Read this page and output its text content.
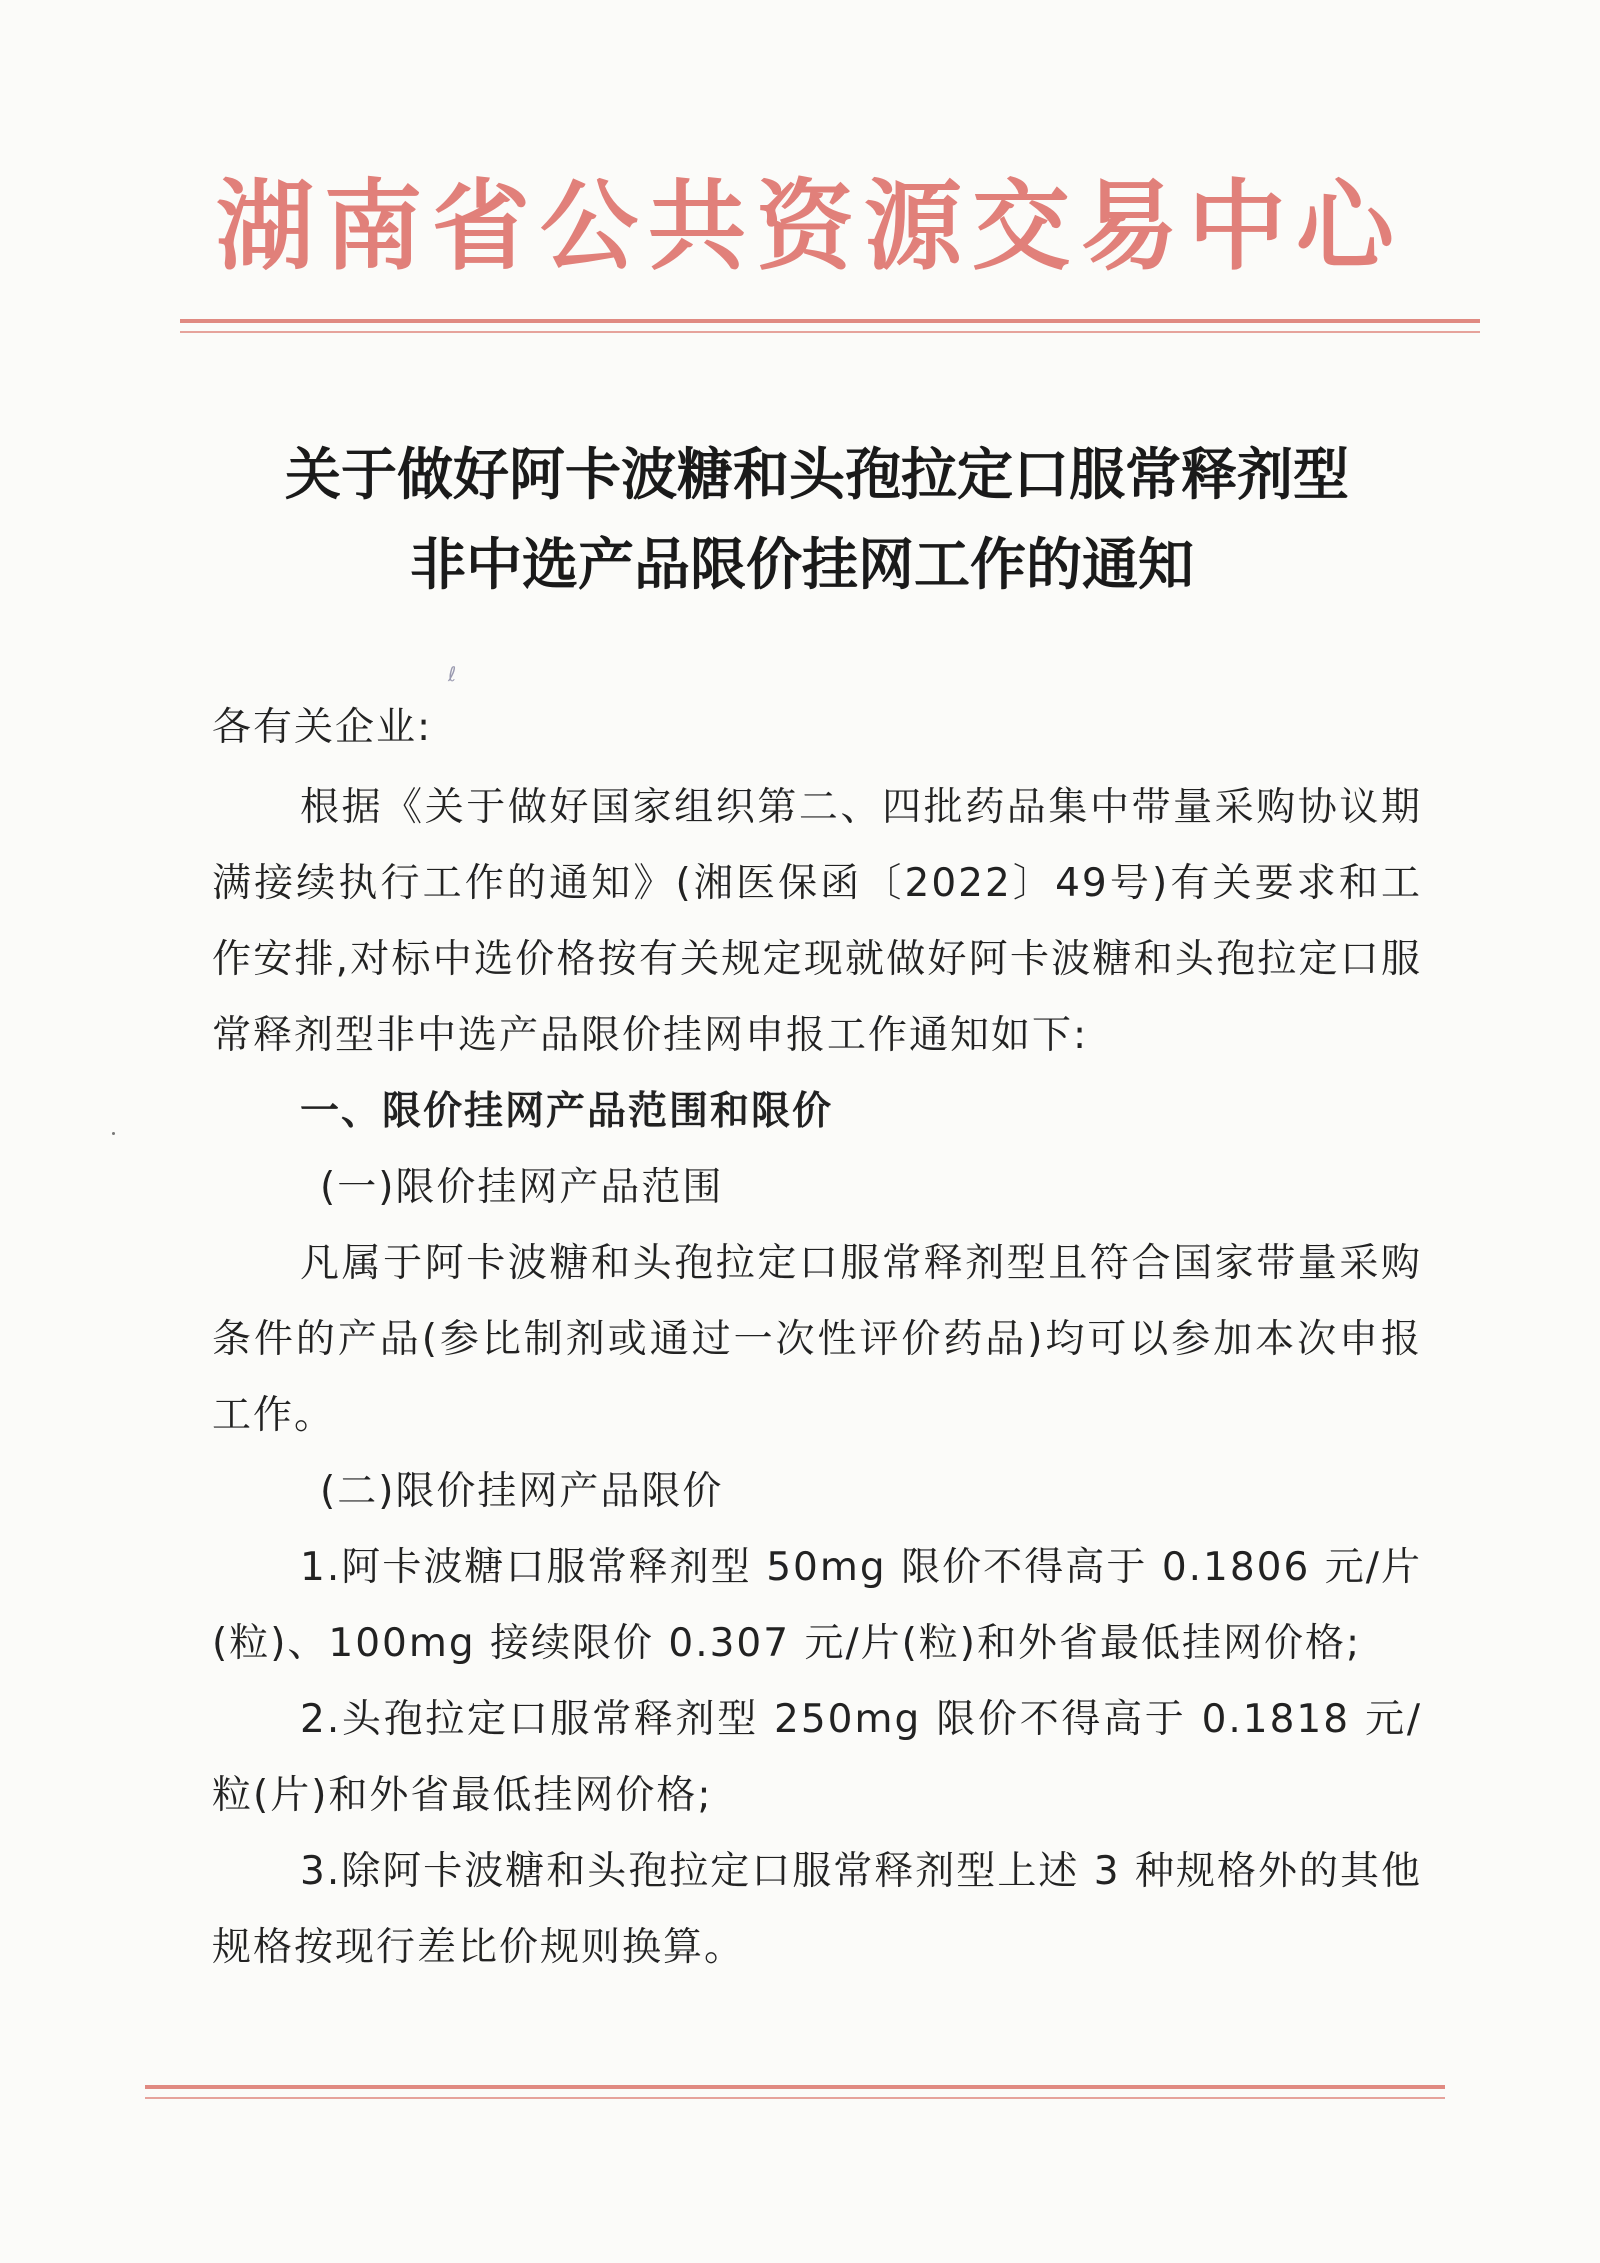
湖南省公共资源交易中心
关于做好阿卡波糖和头孢拉定口服常释剂型
非中选产品限价挂网工作的通知
ℓ

各有关企业:

根据《关于做好国家组织第二、四批药品集中带量采购协议期满接续执行工作的通知》(湘医保函〔2022〕49号)有关要求和工作安排,对标中选价格按有关规定现就做好阿卡波糖和头孢拉定口服常释剂型非中选产品限价挂网申报工作通知如下:

一、限价挂网产品范围和限价

(一)限价挂网产品范围

凡属于阿卡波糖和头孢拉定口服常释剂型且符合国家带量采购条件的产品(参比制剂或通过一次性评价药品)均可以参加本次申报工作。

(二)限价挂网产品限价

1.阿卡波糖口服常释剂型 50mg 限价不得高于 0.1806 元/片(粒)、100mg 接续限价 0.307 元/片(粒)和外省最低挂网价格;

2.头孢拉定口服常释剂型 250mg 限价不得高于 0.1818 元/粒(片)和外省最低挂网价格;

3.除阿卡波糖和头孢拉定口服常释剂型上述 3 种规格外的其他规格按现行差比价规则换算。
